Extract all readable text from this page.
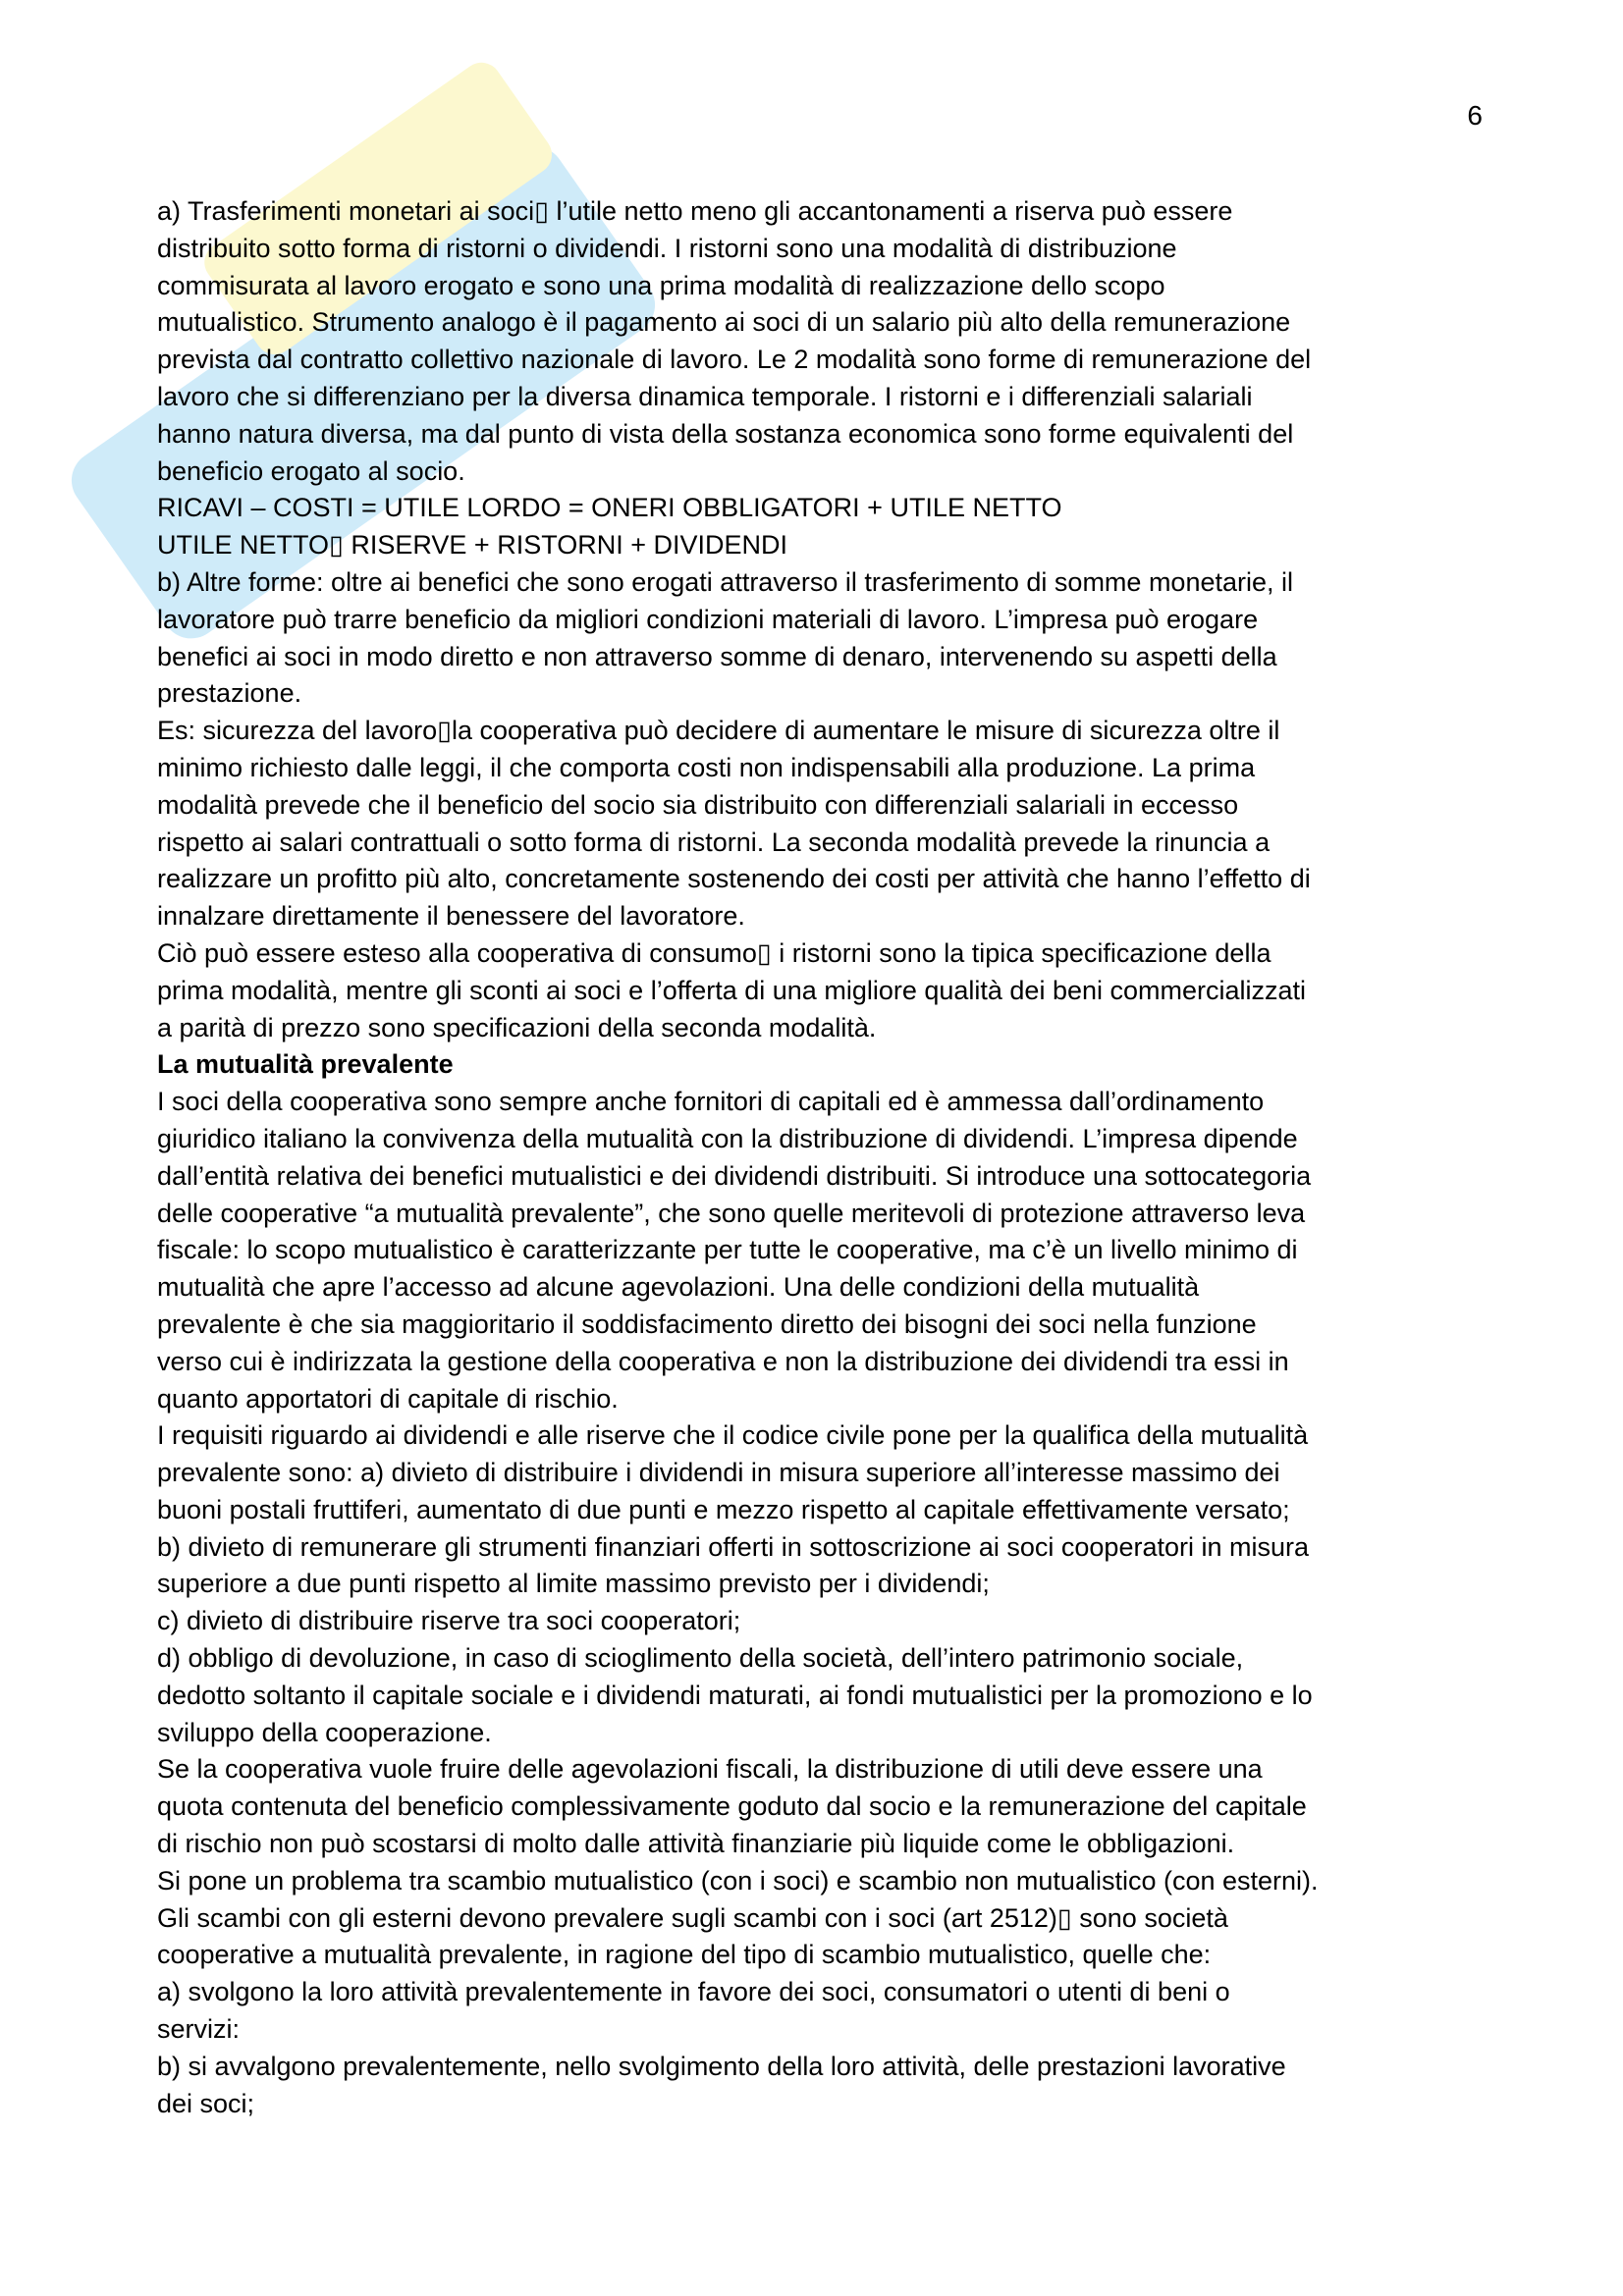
6

a) Trasferimenti monetari ai soci▯ l’utile netto meno gli accantonamenti a riserva può essere
distribuito sotto forma di ristorni o dividendi. I ristorni sono una modalità di distribuzione
commisurata al lavoro erogato e sono una prima modalità di realizzazione dello scopo
mutualistico. Strumento analogo è il pagamento ai soci di un salario più alto della remunerazione
prevista dal contratto collettivo nazionale di lavoro. Le 2 modalità sono forme di remunerazione del
lavoro che si differenziano per la diversa dinamica temporale. I ristorni e i differenziali salariali
hanno natura diversa, ma dal punto di vista della sostanza economica sono forme equivalenti del
beneficio erogato al socio.

RICAVI – COSTI = UTILE LORDO = ONERI OBBLIGATORI + UTILE NETTO

UTILE NETTO▯ RISERVE + RISTORNI + DIVIDENDI

b) Altre forme: oltre ai benefici che sono erogati attraverso il trasferimento di somme monetarie, il
lavoratore può trarre beneficio da migliori condizioni materiali di lavoro. L’impresa può erogare
benefici ai soci in modo diretto e non attraverso somme di denaro, intervenendo su aspetti della
prestazione.

Es: sicurezza del lavoro▯la cooperativa può decidere di aumentare le misure di sicurezza oltre il
minimo richiesto dalle leggi, il che comporta costi non indispensabili alla produzione. La prima
modalità prevede che il beneficio del socio sia distribuito con differenziali salariali in eccesso
rispetto ai salari contrattuali o sotto forma di ristorni. La seconda modalità prevede la rinuncia a
realizzare un profitto più alto, concretamente sostenendo dei costi per attività che hanno l’effetto di
innalzare direttamente il benessere del lavoratore.

Ciò può essere esteso alla cooperativa di consumo▯ i ristorni sono la tipica specificazione della
prima modalità, mentre gli sconti ai soci e l’offerta di una migliore qualità dei beni commercializzati
a parità di prezzo sono specificazioni della seconda modalità.

La mutualità prevalente

I soci della cooperativa sono sempre anche fornitori di capitali ed è ammessa dall’ordinamento
giuridico italiano la convivenza della mutualità con la distribuzione di dividendi. L’impresa dipende
dall’entità relativa dei benefici mutualistici e dei dividendi distribuiti. Si introduce una sottocategoria
delle cooperative “a mutualità prevalente”, che sono quelle meritevoli di protezione attraverso leva
fiscale: lo scopo mutualistico è caratterizzante per tutte le cooperative, ma c’è un livello minimo di
mutualità che apre l’accesso ad alcune agevolazioni. Una delle condizioni della mutualità
prevalente è che sia maggioritario il soddisfacimento diretto dei bisogni dei soci nella funzione
verso cui è indirizzata la gestione della cooperativa e non la distribuzione dei dividendi tra essi in
quanto apportatori di capitale di rischio.

I requisiti riguardo ai dividendi e alle riserve che il codice civile pone per la qualifica della mutualità
prevalente sono: a) divieto di distribuire i dividendi in misura superiore all’interesse massimo dei
buoni postali fruttiferi, aumentato di due punti e mezzo rispetto al capitale effettivamente versato;

b) divieto di remunerare gli strumenti finanziari offerti in sottoscrizione ai soci cooperatori in misura
superiore a due punti rispetto al limite massimo previsto per i dividendi;

c) divieto di distribuire riserve tra soci cooperatori;

d) obbligo di devoluzione, in caso di scioglimento della società, dell’intero patrimonio sociale,
dedotto soltanto il capitale sociale e i dividendi maturati, ai fondi mutualistici per la promoziono e lo
sviluppo della cooperazione.

Se la cooperativa vuole fruire delle agevolazioni fiscali, la distribuzione di utili deve essere una
quota contenuta del beneficio complessivamente goduto dal socio e la remunerazione del capitale
di rischio non può scostarsi di molto dalle attività finanziarie più liquide come le obbligazioni.

Si pone un problema tra scambio mutualistico (con i soci) e scambio non mutualistico (con esterni).
Gli scambi con gli esterni devono prevalere sugli scambi con i soci (art 2512)▯ sono società
cooperative a mutualità prevalente, in ragione del tipo di scambio mutualistico, quelle che:

a) svolgono la loro attività prevalentemente in favore dei soci, consumatori o utenti di beni o
servizi:

b) si avvalgono prevalentemente, nello svolgimento della loro attività, delle prestazioni lavorative
dei soci;
